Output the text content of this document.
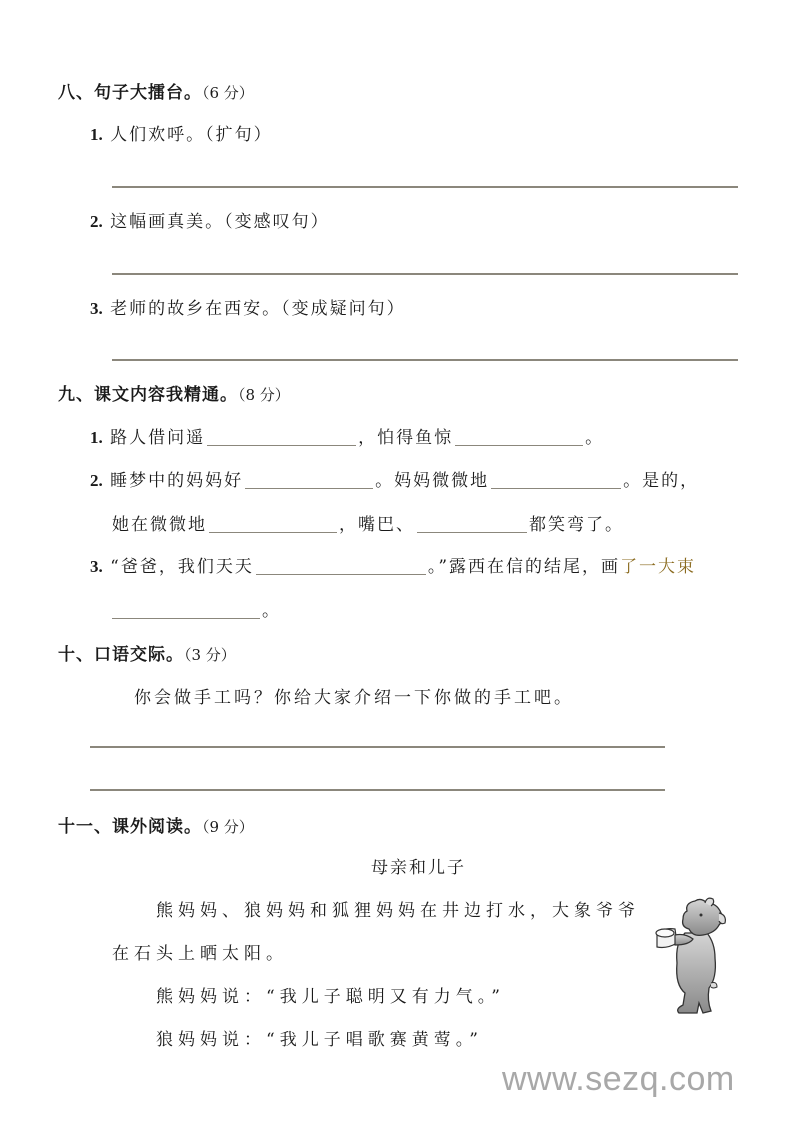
八、句子大擂台。（6 分）
1. 人们欢呼。（扩句）
2. 这幅画真美。（变感叹句）
3. 老师的故乡在西安。（变成疑问句）
九、课文内容我精通。（8 分）
1. 路人借问遥	，怕得鱼惊	。
2. 睡梦中的妈妈好	。妈妈微微地	。是的，
她在微微地	，嘴巴、	都笑弯了。
3. “爸爸，我们天天	。”露西在信的结尾，画了一大束
。
十、口语交际。（3 分）
你会做手工吗？你给大家介绍一下你做的手工吧。
十一、课外阅读。（9 分）
母亲和儿子
熊妈妈、狼妈妈和狐狸妈妈在井边打水，大象爷爷
在石头上晒太阳。
熊妈妈说：“我儿子聪明又有力气。”
狼妈妈说：“我儿子唱歌赛黄莺。”
www.sezq.com
